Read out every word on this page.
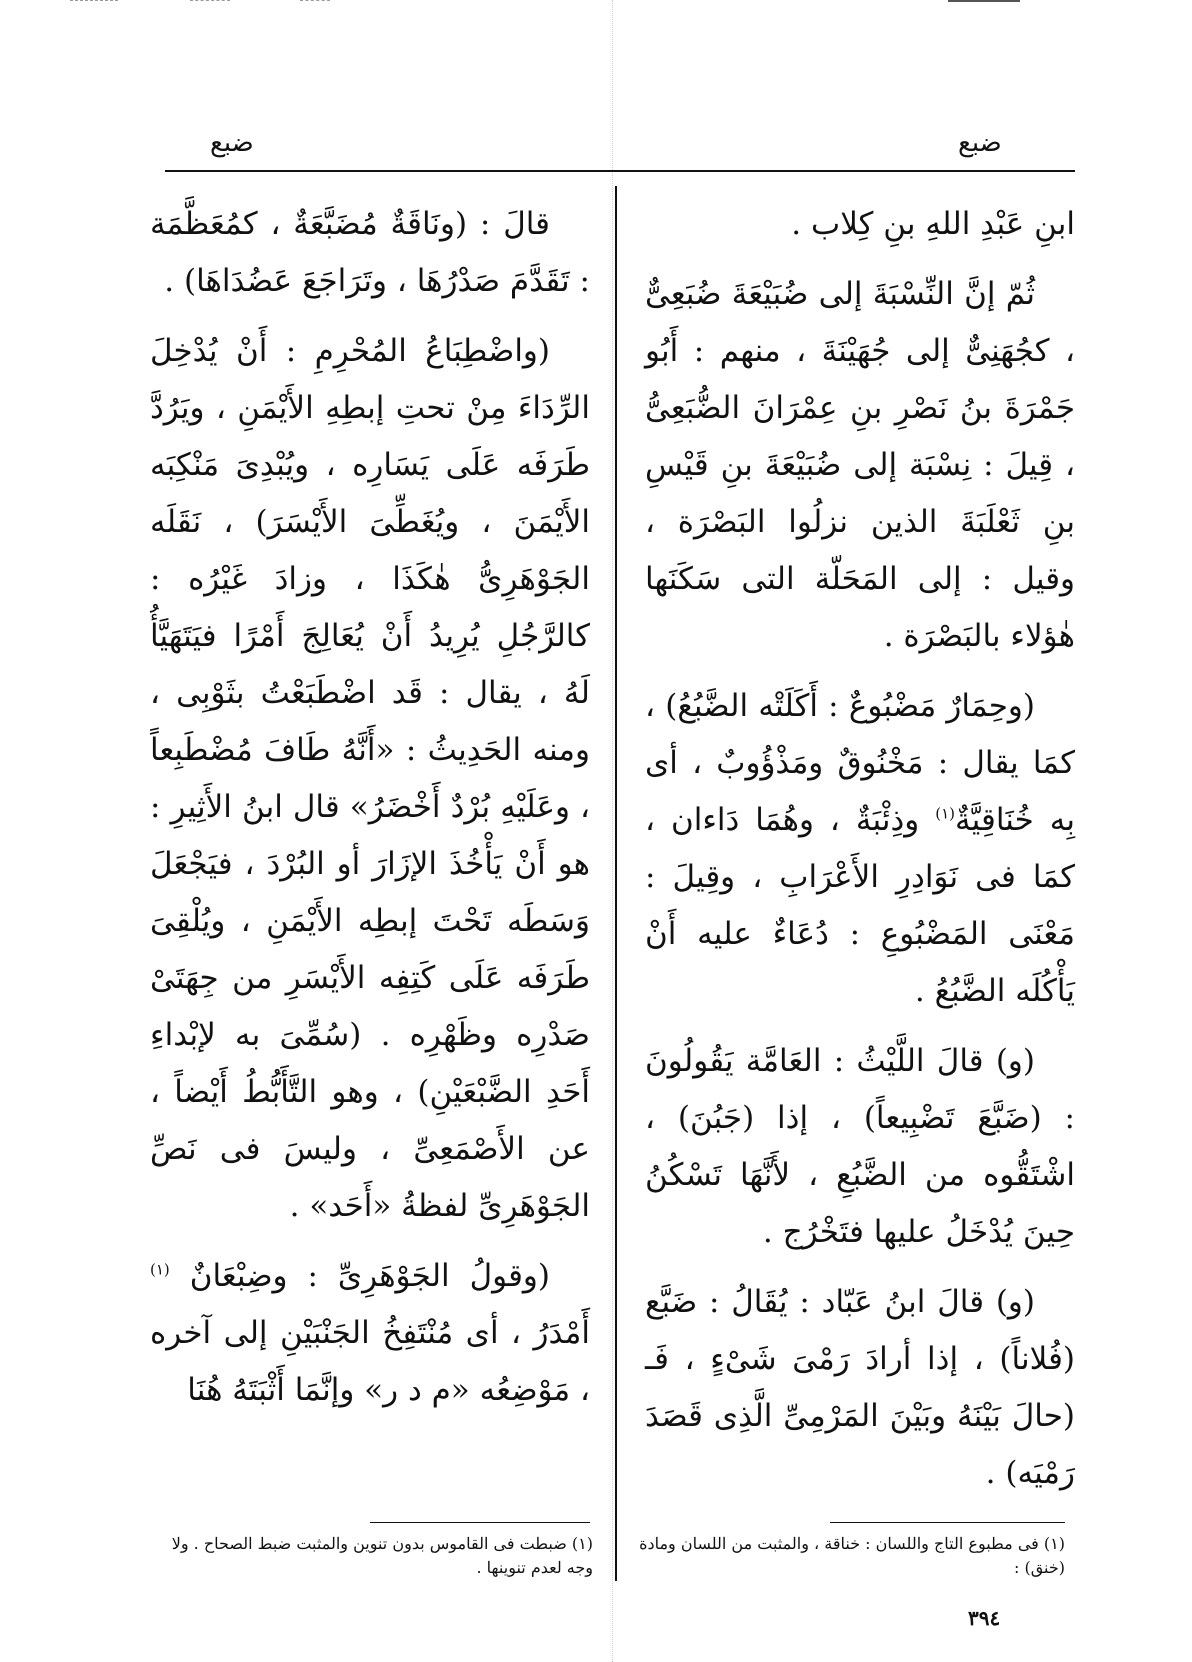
ضبع
ضبع

ابنِ عَبْدِ اللهِ بنِ كِلاب .

ثُمّ إنَّ النِّسْبَةَ إلى ضُبَيْعَةَ ضُبَعِىٌّ ، كجُهَنِىٌّ إلى جُهَيْنَةَ ، منهم : أَبُو جَمْرَةَ بنُ نَصْرِ بنِ عِمْرَانَ الضُّبَعِىُّ ، قِيلَ : نِسْبَة إلى ضُبَيْعَةَ بنِ قَيْسِ بنِ ثَعْلَبَةَ الذين نزلُوا البَصْرَة ، وقيل : إلى المَحَلّة التى سَكَنَها هٰؤلاء بالبَصْرَة .

(وحِمَارٌ مَضْبُوعٌ : أَكَلَتْه الضَّبُعُ) ، كمَا يقال : مَخْنُوقٌ ومَذْؤُوبٌ ، أى بِه خُنَاقِيَّةٌ$^{(١)}$ وذِئْبَةٌ ، وهُمَا دَاءان ، كمَا فى نَوَادِرِ الأَعْرَابِ ، وقِيلَ : مَعْنَى المَضْبُوعِ : دُعَاءٌ عليه أَنْ يَأْكُلَه الضَّبُعُ .

(و) قالَ اللَّيْثُ : العَامَّة يَقُولُونَ : (ضَبَّعَ تَضْبِيعاً) ، إذا (جَبُنَ) ، اشْتَقُّوه من الضَّبُعِ ، لأَنَّهَا تَسْكُنُ حِينَ يُدْخَلُ عليها فتَخْرُج .

(و) قالَ ابنُ عَبّاد : يُقَالُ : ضَبَّع (فُلاناً) ، إذا أرادَ رَمْىَ شَىْءٍ ، فَـ (حالَ بَيْنَهُ وبَيْنَ المَرْمِىِّ الَّذِى قَصَدَ رَمْيَه) .

قالَ : (ونَاقَةٌ مُضَبَّعَةٌ ، كمُعَظَّمَة : تَقَدَّمَ صَدْرُهَا ، وتَرَاجَعَ عَضُدَاهَا) .

(واضْطِبَاعُ المُحْرِمِ : أَنْ يُدْخِلَ الرِّدَاءَ مِنْ تحتِ إبطِهِ الأَيْمَنِ ، ويَرُدَّ طَرَفَه عَلَى يَسَارِه ، ويُبْدِىَ مَنْكِبَه الأَيْمَنَ ، ويُغَطِّىَ الأَيْسَرَ) ، نَقَلَه الجَوْهَرِىُّ هٰكَذَا ، وزادَ غَيْرُه : كالرَّجُلِ يُرِيدُ أَنْ يُعَالِجَ أَمْرًا فيَتَهَيَّأُ لَهُ ، يقال : قَد اضْطَبَعْتُ بثَوْبِى ، ومنه الحَدِيثُ : «أَنَّهُ طَافَ مُضْطَبِعاً ، وعَلَيْهِ بُرْدٌ أَخْضَرُ» قال ابنُ الأَثِيرِ : هو أَنْ يَأْخُذَ الإزَارَ أو البُرْدَ ، فيَجْعَلَ وَسَطَه تَحْتَ إبطِه الأَيْمَنِ ، ويُلْقِىَ طَرَفَه عَلَى كَتِفِه الأَيْسَرِ من جِهَتَىْ صَدْرِه وظَهْرِه . (سُمِّىَ به لإبْداءِ أَحَدِ الضَّبْعَيْنِ) ، وهو التَّأَبُّطُ أَيْضاً ، عن الأَصْمَعِىِّ ، وليسَ فى نَصِّ الجَوْهَرِىِّ لفظةُ «أَحَد» .

(وقولُ الجَوْهَرِىِّ : وضِبْعَانٌ $^{(١)}$ أَمْدَرُ ، أى مُنْتَفِخُ الجَنْبَيْنِ إلى آخره ، مَوْضِعُه «م د ر» وإنَّمَا أَثْبَتَهُ هُنَا

(١) فى مطبوع التاج واللسان : خناقة ، والمثبت من اللسان ومادة (خنق) :
(١) ضبطت فى القاموس بدون تنوين والمثبت ضبط الصحاح . ولا وجه لعدم تنوينها .
٣٩٤
